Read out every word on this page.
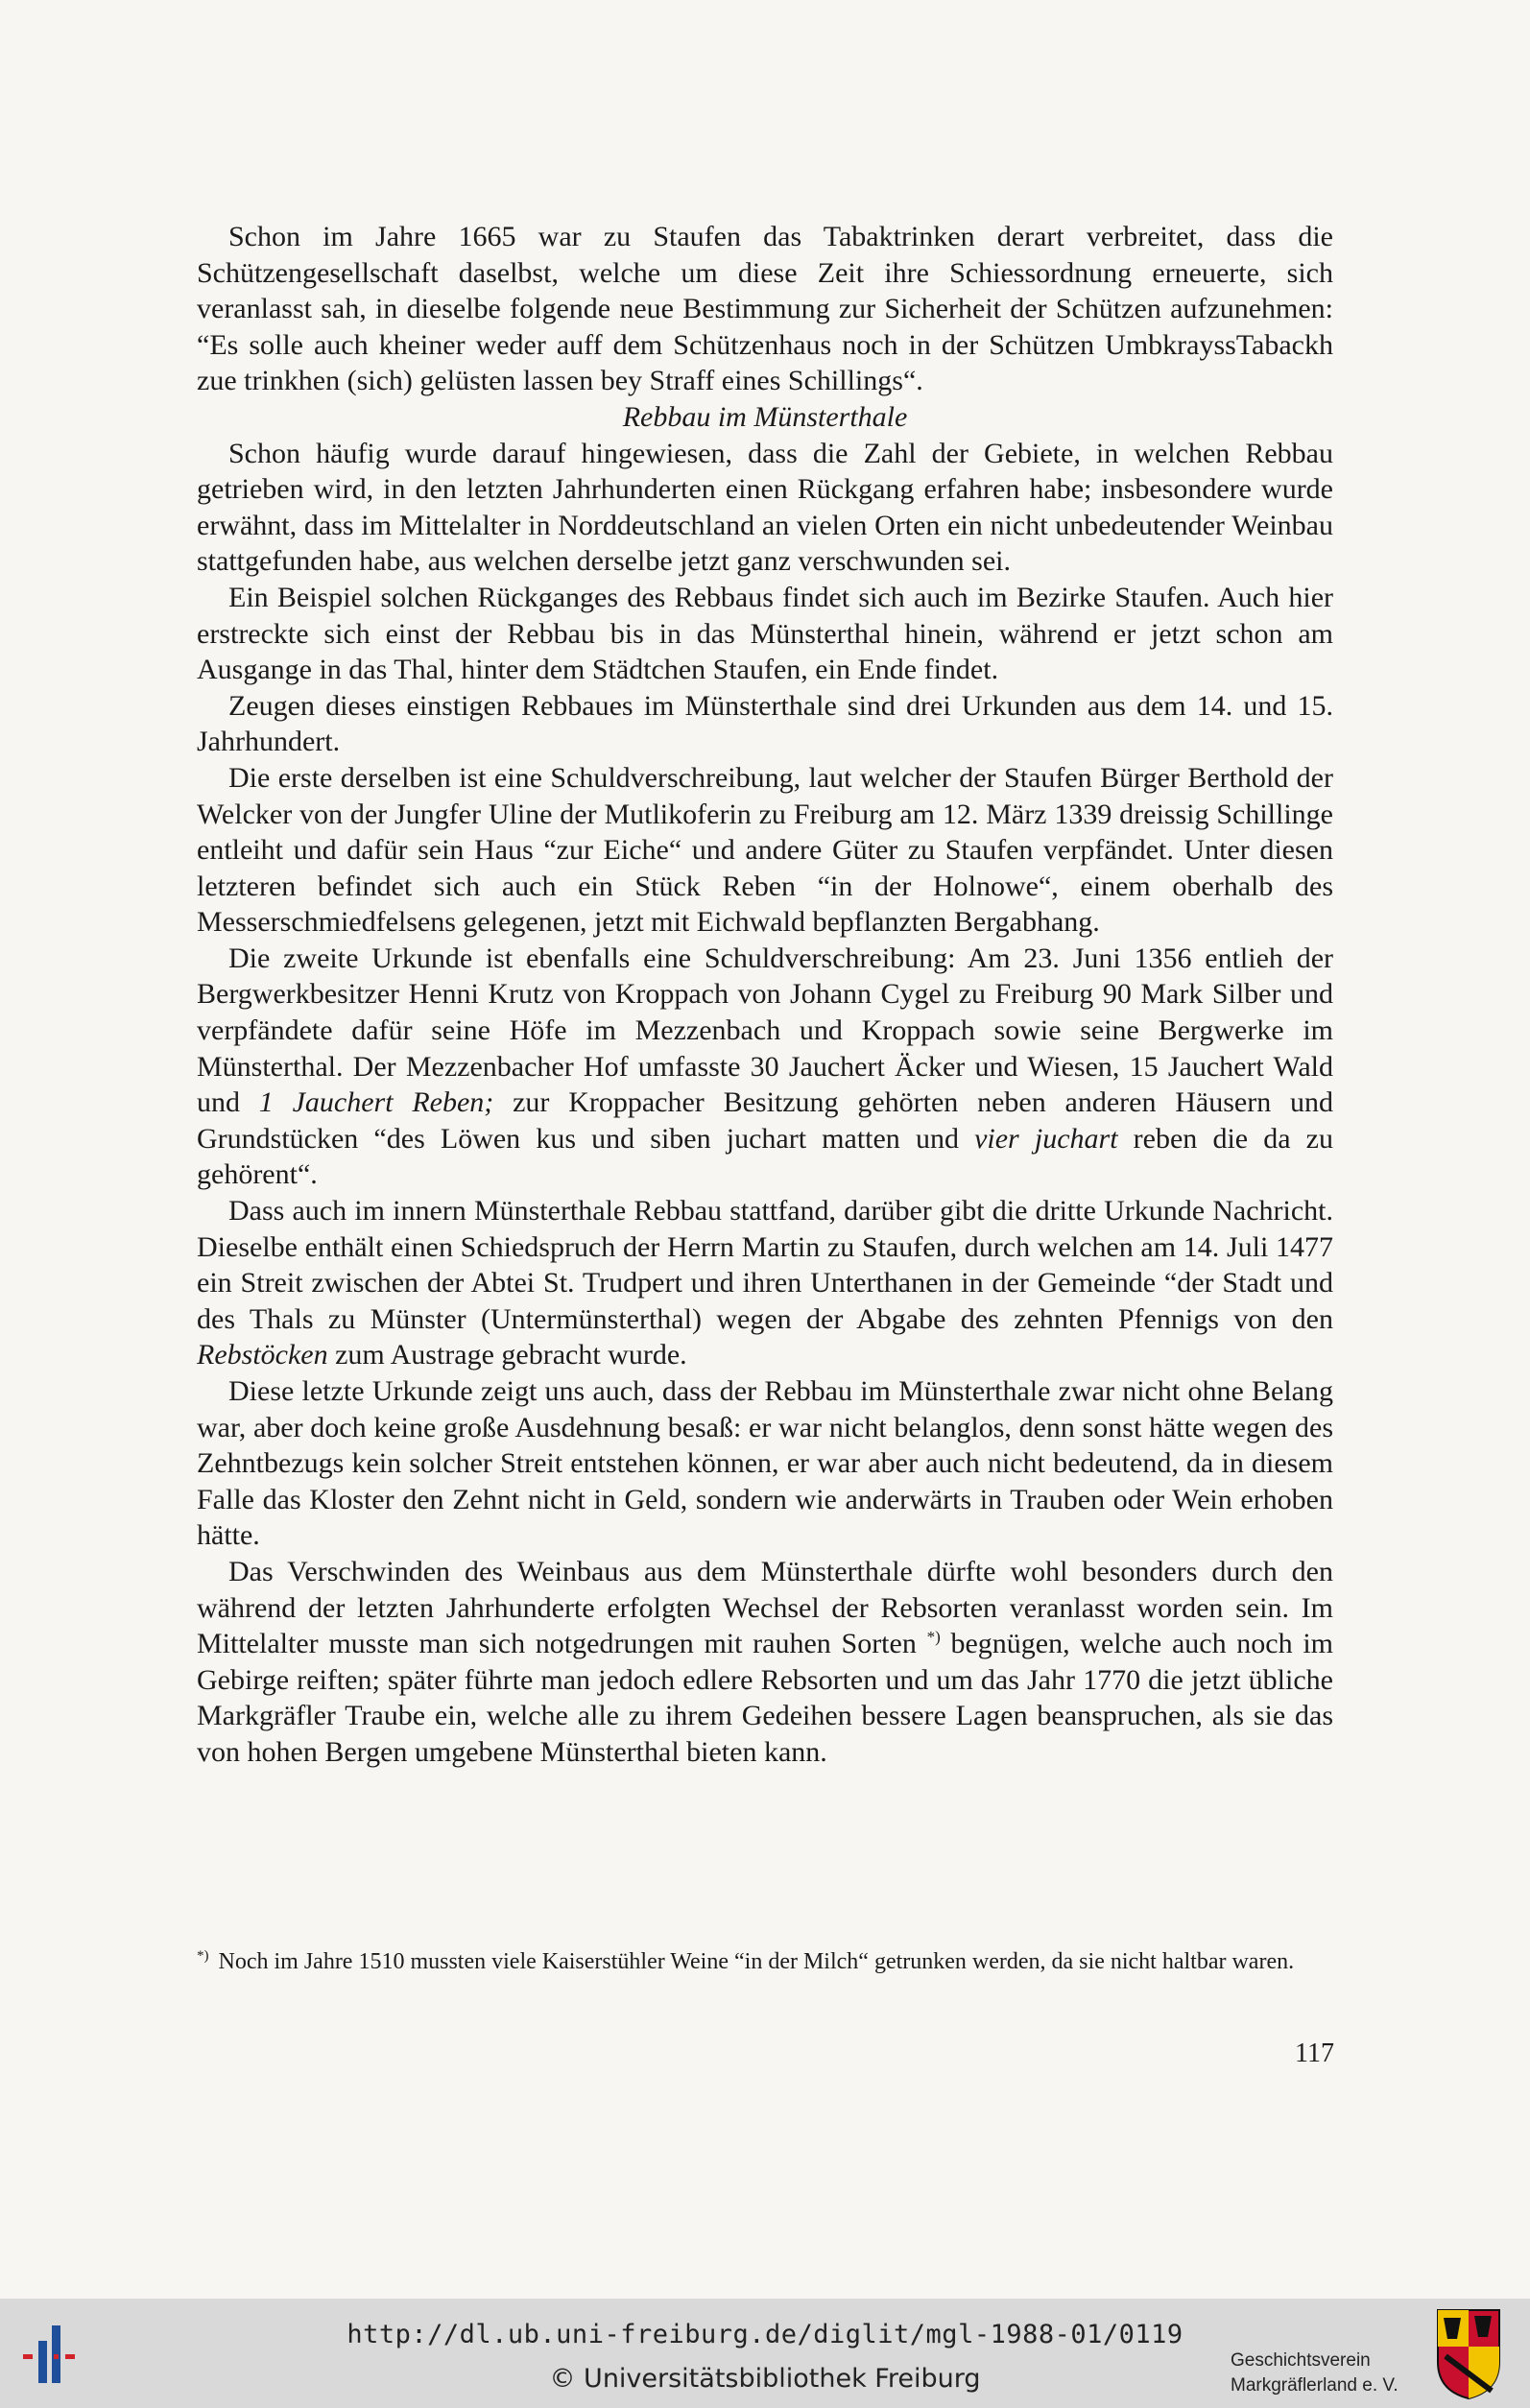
Schon im Jahre 1665 war zu Staufen das Tabaktrinken derart verbreitet, dass die Schützengesellschaft daselbst, welche um diese Zeit ihre Schiessordnung erneuerte, sich veranlasst sah, in dieselbe folgende neue Bestimmung zur Sicherheit der Schützen aufzunehmen: “Es solle auch kheiner weder auff dem Schützenhaus noch in der Schützen UmbkrayssTabackh zue trinkhen (sich) gelüsten lassen bey Straff eines Schillings“.

Rebbau im Münsterthale

Schon häufig wurde darauf hingewiesen, dass die Zahl der Gebiete, in welchen Rebbau getrieben wird, in den letzten Jahrhunderten einen Rückgang erfahren habe; insbesondere wurde erwähnt, dass im Mittelalter in Norddeutschland an vielen Orten ein nicht unbedeutender Weinbau stattgefunden habe, aus welchen derselbe jetzt ganz verschwunden sei.

Ein Beispiel solchen Rückganges des Rebbaus findet sich auch im Bezirke Staufen. Auch hier erstreckte sich einst der Rebbau bis in das Münsterthal hinein, während er jetzt schon am Ausgange in das Thal, hinter dem Städtchen Staufen, ein Ende findet.

Zeugen dieses einstigen Rebbaues im Münsterthale sind drei Urkunden aus dem 14. und 15. Jahrhundert.

Die erste derselben ist eine Schuldverschreibung, laut welcher der Staufen Bürger Berthold der Welcker von der Jungfer Uline der Mutlikoferin zu Freiburg am 12. März 1339 dreissig Schillinge entleiht und dafür sein Haus “zur Eiche“ und andere Güter zu Staufen verpfändet. Unter diesen letzteren befindet sich auch ein Stück Reben “in der Holnowe“, einem oberhalb des Messerschmiedfelsens gelegenen, jetzt mit Eichwald bepflanzten Bergabhang.

Die zweite Urkunde ist ebenfalls eine Schuldverschreibung: Am 23. Juni 1356 entlieh der Bergwerkbesitzer Henni Krutz von Kroppach von Johann Cygel zu Freiburg 90 Mark Silber und verpfändete dafür seine Höfe im Mezzenbach und Kroppach sowie seine Bergwerke im Münsterthal. Der Mezzenbacher Hof umfasste 30 Jauchert Äcker und Wiesen, 15 Jauchert Wald und 1 Jauchert Reben; zur Kroppacher Besitzung gehörten neben anderen Häusern und Grundstücken “des Löwen kus und siben juchart matten und vier juchart reben die da zu gehörent“.

Dass auch im innern Münsterthale Rebbau stattfand, darüber gibt die dritte Urkunde Nachricht. Dieselbe enthält einen Schiedspruch der Herrn Martin zu Staufen, durch welchen am 14. Juli 1477 ein Streit zwischen der Abtei St. Trudpert und ihren Unterthanen in der Gemeinde “der Stadt und des Thals zu Münster (Untermünsterthal) wegen der Abgabe des zehnten Pfennigs von den Rebstöcken zum Austrage gebracht wurde.

Diese letzte Urkunde zeigt uns auch, dass der Rebbau im Münsterthale zwar nicht ohne Belang war, aber doch keine große Ausdehnung besaß: er war nicht belanglos, denn sonst hätte wegen des Zehntbezugs kein solcher Streit entstehen können, er war aber auch nicht bedeutend, da in diesem Falle das Kloster den Zehnt nicht in Geld, sondern wie anderwärts in Trauben oder Wein erhoben hätte.

Das Verschwinden des Weinbaus aus dem Münsterthale dürfte wohl besonders durch den während der letzten Jahrhunderte erfolgten Wechsel der Rebsorten veranlasst worden sein. Im Mittelalter musste man sich notgedrungen mit rauhen Sorten *) begnügen, welche auch noch im Gebirge reiften; später führte man jedoch edlere Rebsorten und um das Jahr 1770 die jetzt übliche Markgräfler Traube ein, welche alle zu ihrem Gedeihen bessere Lagen beanspruchen, als sie das von hohen Bergen umgebene Münsterthal bieten kann.

*) Noch im Jahre 1510 mussten viele Kaiserstühler Weine “in der Milch“ getrunken werden, da sie nicht haltbar waren.
117
http://dl.ub.uni-freiburg.de/diglit/mgl-1988-01/0119
© Universitätsbibliothek Freiburg
Geschichtsverein
Markgräflerland e. V.
